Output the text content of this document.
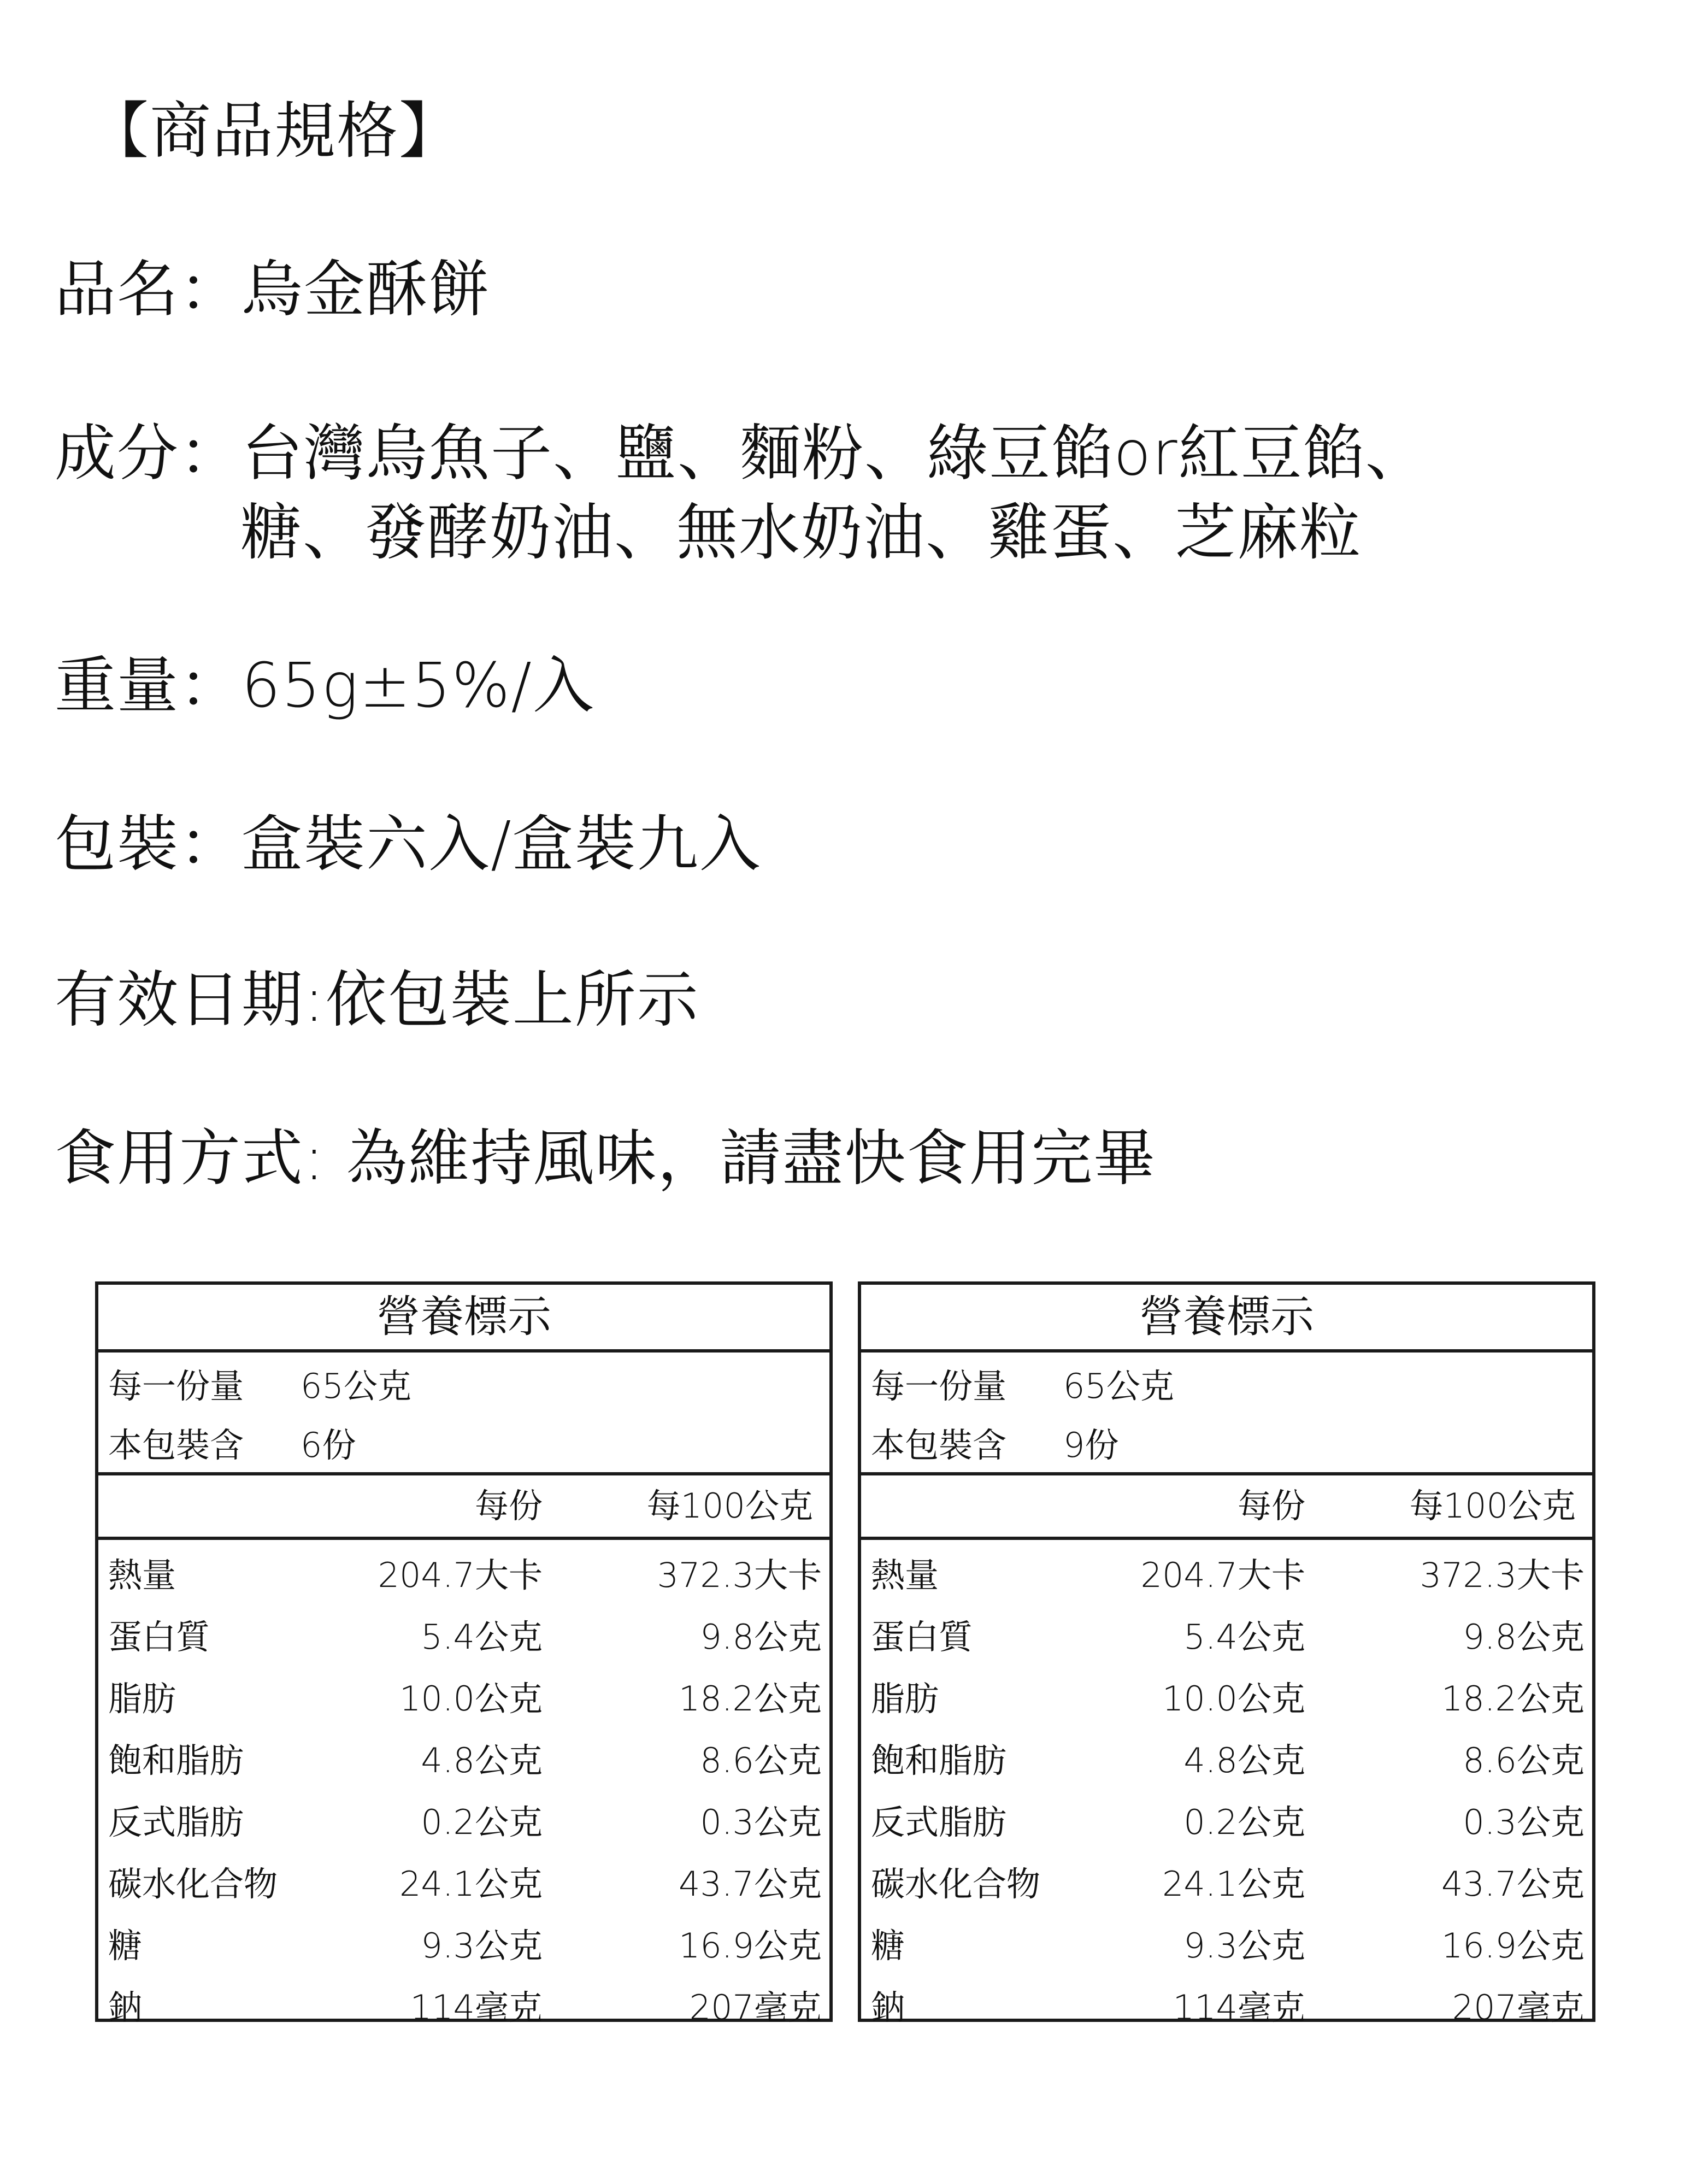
【商品規格】
品名：烏金酥餅
成分：台灣烏魚子、鹽、麵粉、綠豆餡or紅豆餡、
糖、發酵奶油、無水奶油、雞蛋、芝麻粒
重量：65g±5%/入
包裝：盒裝六入/盒裝九入
有效日期:依包裝上所示
食用方式: 為維持風味，請盡快食用完畢
營養標示
每一份量 65公克
本包裝含 6份
每份	每100公克
熱量	204.7大卡	372.3大卡
蛋白質	5.4公克	9.8公克
脂肪	10.0公克	18.2公克
飽和脂肪	4.8公克	8.6公克
反式脂肪	0.2公克	0.3公克
碳水化合物	24.1公克	43.7公克
糖	9.3公克	16.9公克
鈉	114毫克	207毫克
營養標示
每一份量 65公克
本包裝含 9份
每份	每100公克
熱量	204.7大卡	372.3大卡
蛋白質	5.4公克	9.8公克
脂肪	10.0公克	18.2公克
飽和脂肪	4.8公克	8.6公克
反式脂肪	0.2公克	0.3公克
碳水化合物	24.1公克	43.7公克
糖	9.3公克	16.9公克
鈉	114毫克	207毫克
